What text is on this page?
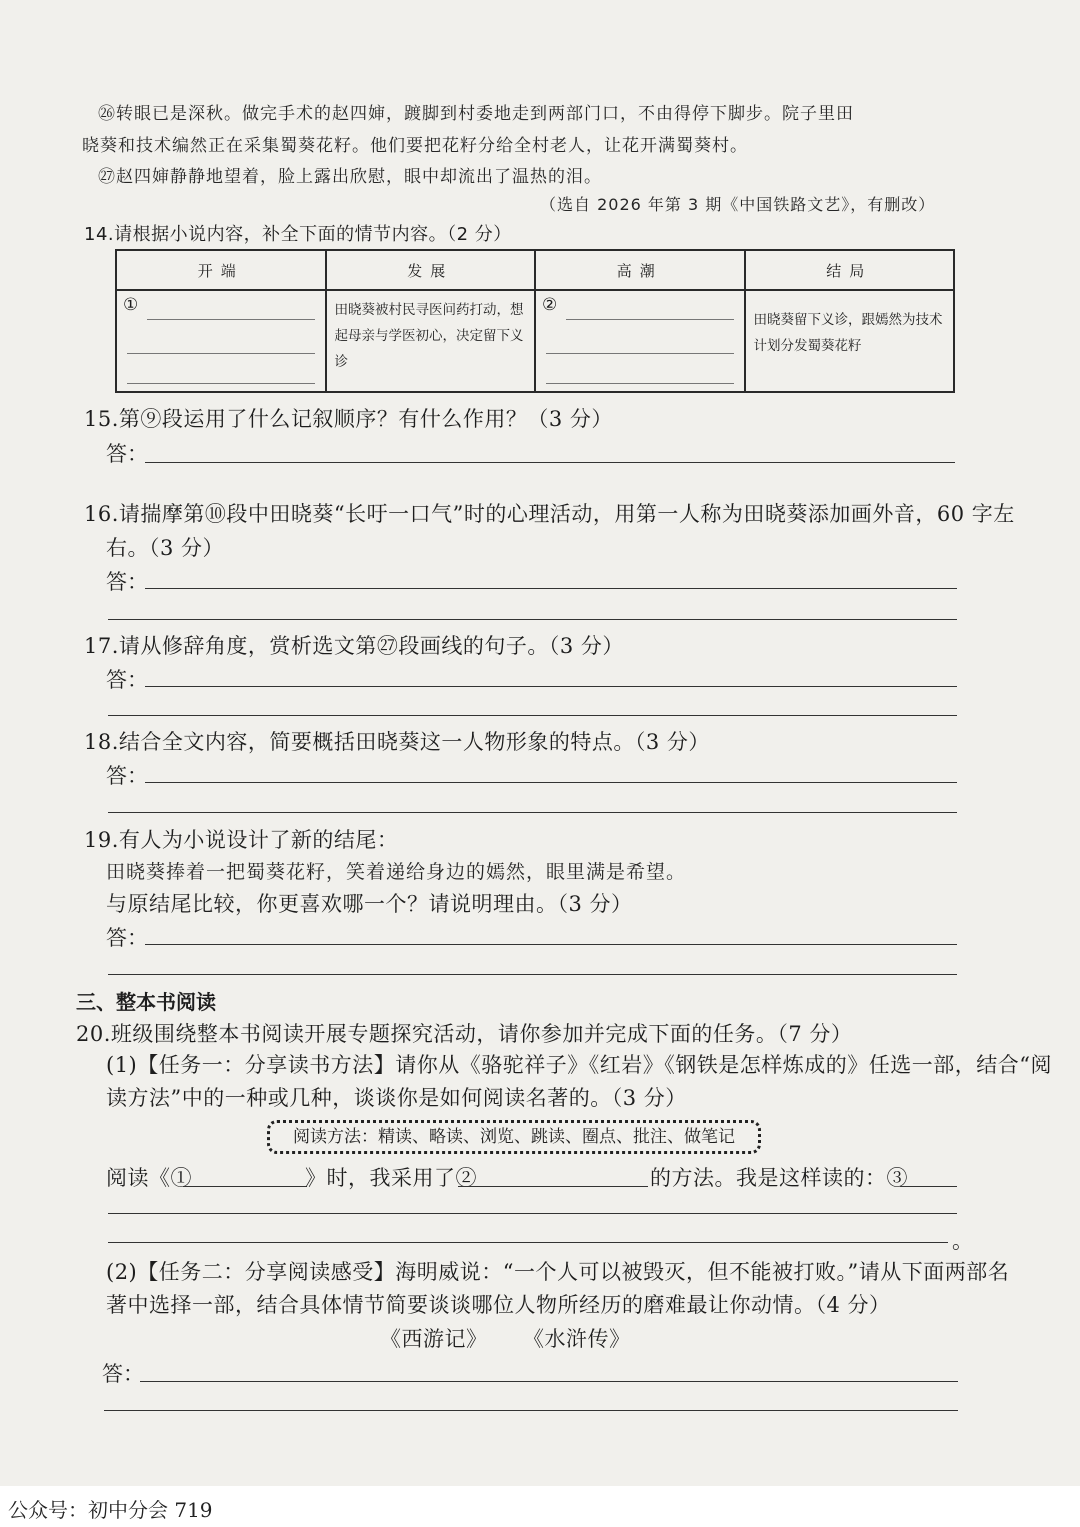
㉖转眼已是深秋。做完手术的赵四婶，踱脚到村委地走到两部门口，不由得停下脚步。院子里田
晓葵和技术编然正在采集蜀葵花籽。他们要把花籽分给全村老人，让花开满蜀葵村。
㉗赵四婶静静地望着，脸上露出欣慰，眼中却流出了温热的泪。
（选自 2026 年第 3 期《中国铁路文艺》，有删改）
14.请根据小说内容，补全下面的情节内容。（2 分）
开端	发展	高潮	结局

①	田晓葵被村民寻医问药打动，想起母亲与学医初心，决定留下义诊	②	田晓葵留下义诊，跟嫣然为技术计划分发蜀葵花籽
15.第⑨段运用了什么记叙顺序？有什么作用？（3 分）
答：
16.请揣摩第⑩段中田晓葵“长吁一口气”时的心理活动，用第一人称为田晓葵添加画外音，60 字左
右。（3 分）
答：
17.请从修辞角度，赏析选文第㉗段画线的句子。（3 分）
答：
18.结合全文内容，简要概括田晓葵这一人物形象的特点。（3 分）
答：
19.有人为小说设计了新的结尾：
田晓葵捧着一把蜀葵花籽，笑着递给身边的嫣然，眼里满是希望。
与原结尾比较，你更喜欢哪一个？请说明理由。（3 分）
答：
三、整本书阅读
20.班级围绕整本书阅读开展专题探究活动，请你参加并完成下面的任务。（7 分）
(1)【任务一：分享读书方法】请你从《骆驼祥子》《红岩》《钢铁是怎样炼成的》任选一部，结合“阅
读方法”中的一种或几种，谈谈你是如何阅读名著的。（3 分）
阅读方法：精读、略读、浏览、跳读、圈点、批注、做笔记
阅读《①	》时，我采用了②	的方法。我是这样读的：③
。
(2)【任务二：分享阅读感受】海明威说：“一个人可以被毁灭，但不能被打败。”请从下面两部名
著中选择一部，结合具体情节简要谈谈哪位人物所经历的磨难最让你动情。（4 分）
《西游记》 《水浒传》
答：
公众号：初中分会 719
